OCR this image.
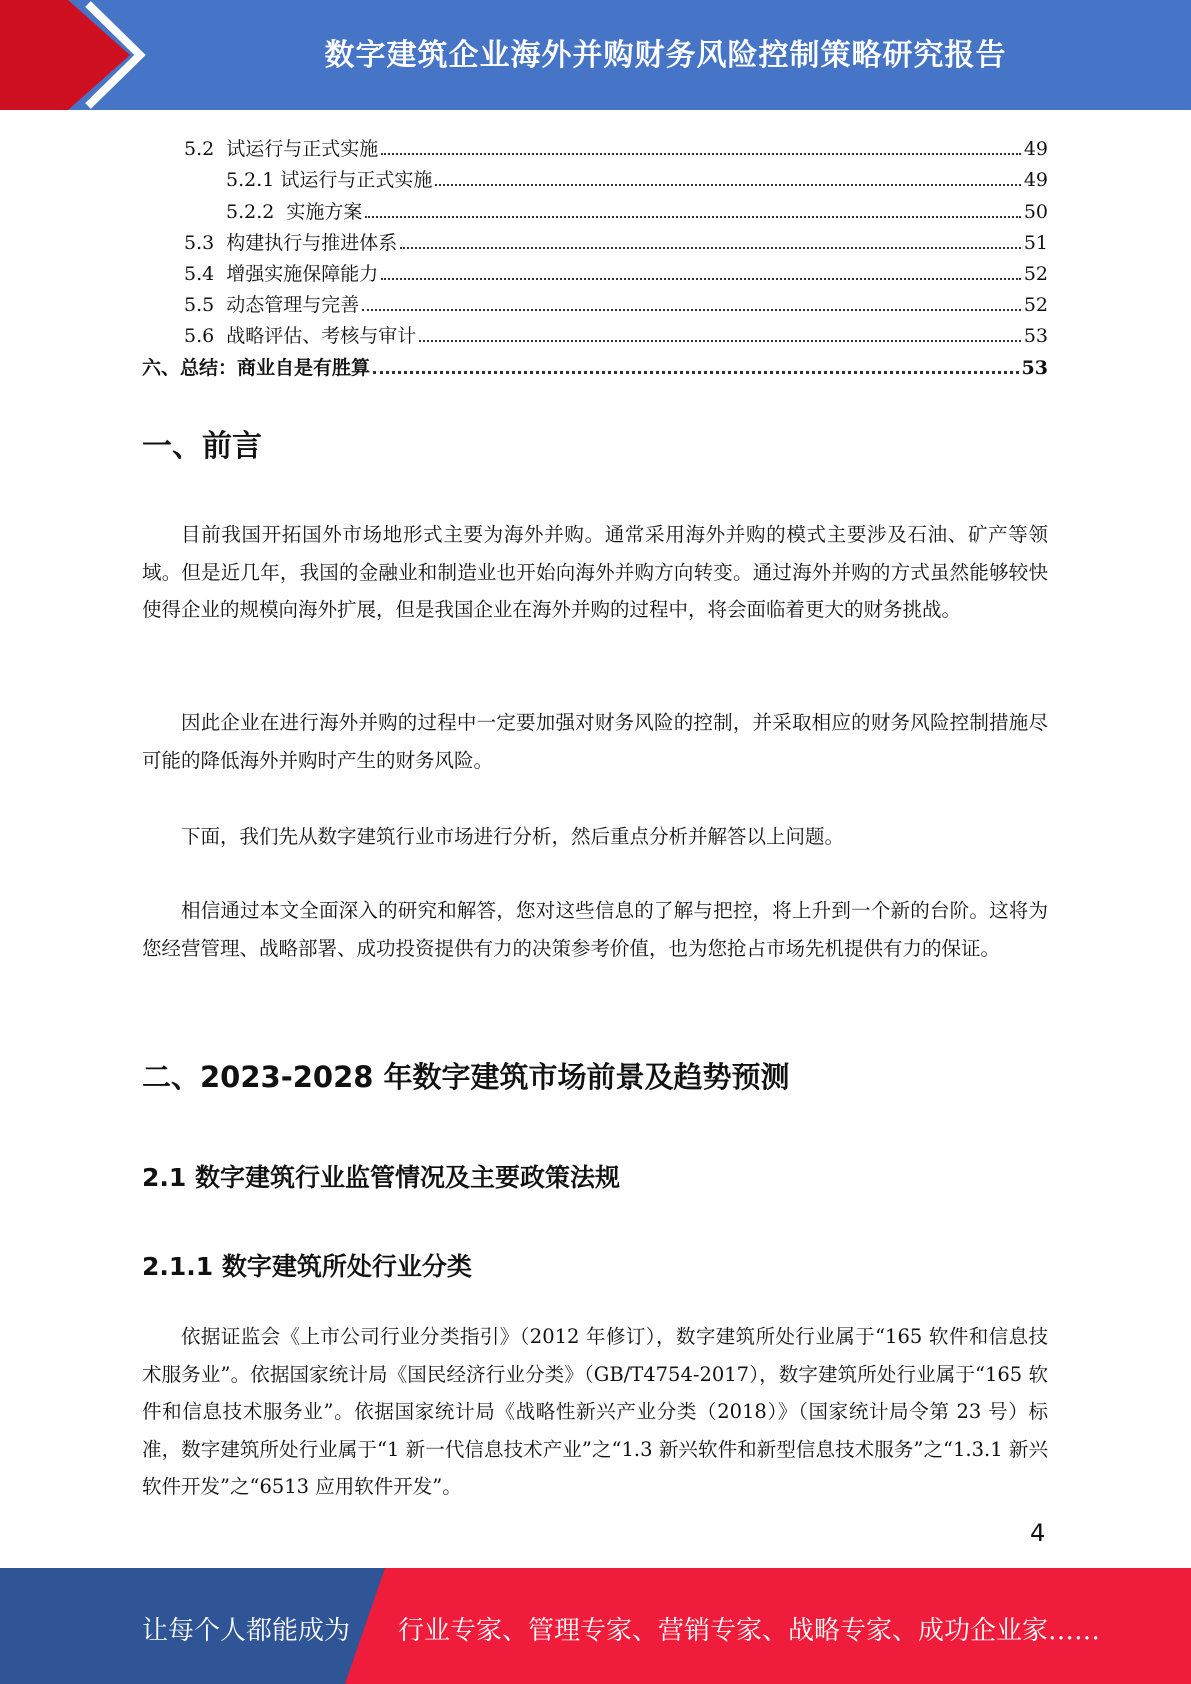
数字建筑企业海外并购财务风险控制策略研究报告
5.2  试运行与正式实施	49
5.2.1 试运行与正式实施	49
5.2.2  实施方案	50
5.3  构建执行与推进体系	51
5.4  增强实施保障能力	52
5.5  动态管理与完善	52
5.6  战略评估、考核与审计	53
六、总结：商业自是有胜算	53
一、前言

目前我国开拓国外市场地形式主要为海外并购。通常采用海外并购的模式主要涉及石油、矿产等领域。但是近几年，我国的金融业和制造业也开始向海外并购方向转变。通过海外并购的方式虽然能够较快使得企业的规模向海外扩展，但是我国企业在海外并购的过程中，将会面临着更大的财务挑战。

因此企业在进行海外并购的过程中一定要加强对财务风险的控制，并采取相应的财务风险控制措施尽可能的降低海外并购时产生的财务风险。

下面，我们先从数字建筑行业市场进行分析，然后重点分析并解答以上问题。

相信通过本文全面深入的研究和解答，您对这些信息的了解与把控，将上升到一个新的台阶。这将为您经营管理、战略部署、成功投资提供有力的决策参考价值，也为您抢占市场先机提供有力的保证。

二、2023-2028 年数字建筑市场前景及趋势预测
2.1 数字建筑行业监管情况及主要政策法规
2.1.1 数字建筑所处行业分类

依据证监会《上市公司行业分类指引》（2012 年修订），数字建筑所处行业属于“165 软件和信息技术服务业”。依据国家统计局《国民经济行业分类》（GB/T4754-2017），数字建筑所处行业属于“165 软件和信息技术服务业”。依据国家统计局《战略性新兴产业分类（2018）》（国家统计局令第 23 号）标准，数字建筑所处行业属于“1 新一代信息技术产业”之“1.3 新兴软件和新型信息技术服务”之“1.3.1 新兴软件开发”之“6513 应用软件开发”。

4
让每个人都能成为 行业专家、管理专家、营销专家、战略专家、成功企业家……
